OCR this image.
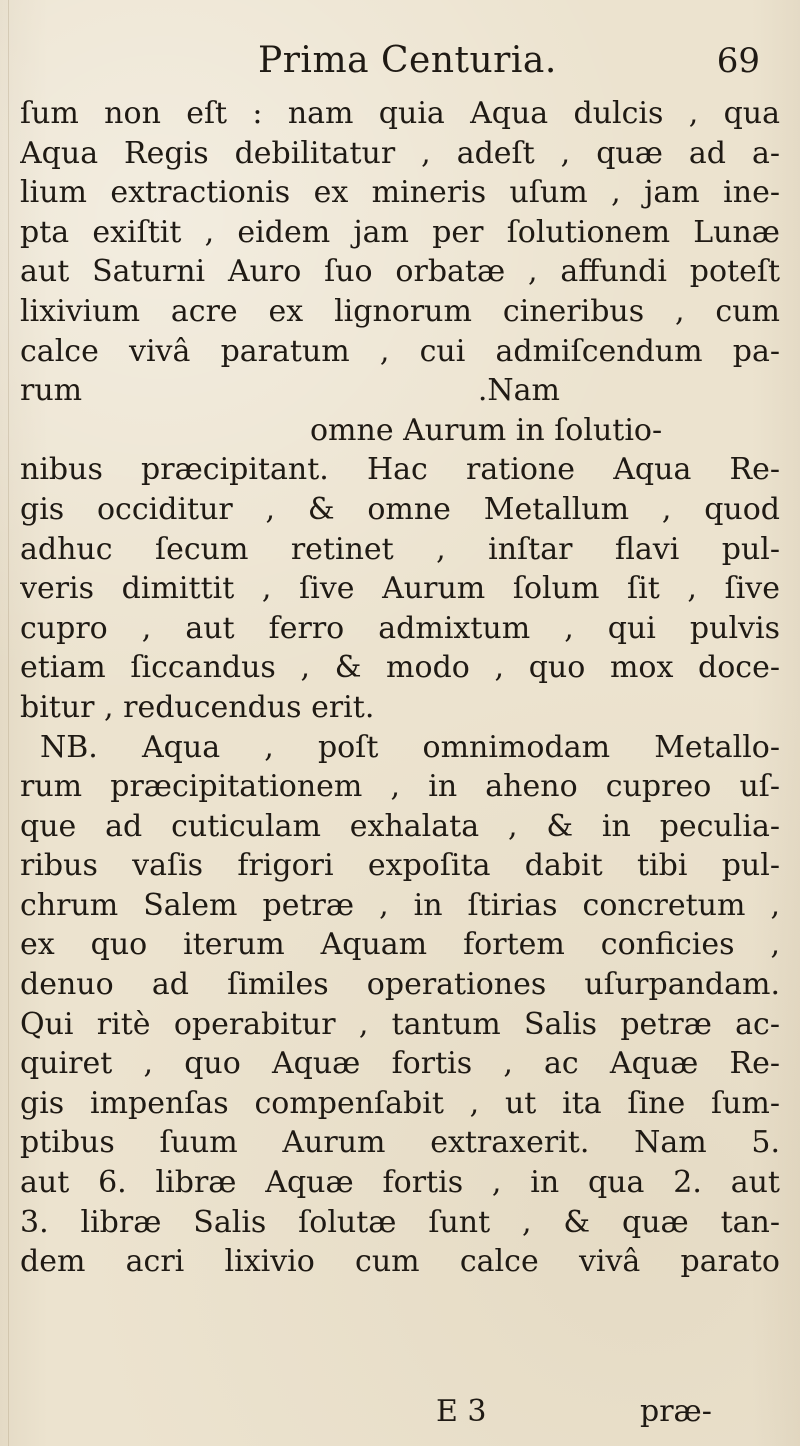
Prima Centuria.	69
ſum non eſt : nam quia Aqua dulcis , qua
Aqua Regis debilitatur , adeſt , quæ ad a-
lium extractionis ex mineris uſum , jam ine-
pta exiſtit , eidem jam per ſolutionem Lunæ
aut Saturni Auro ſuo orbatæ , affundi poteſt
lixivium acre ex lignorum cineribus , cum
calce vivâ paratum , cui admiſcendum pa-
rum	.Nam
omne Aurum in ſolutio-
nibus præcipitant. Hac ratione Aqua Re-
gis occiditur , & omne Metallum , quod
adhuc ſecum retinet , inſtar flavi pul-
veris dimittit , ſive Aurum ſolum ſit , ſive
cupro , aut ferro admixtum , qui pulvis
etiam ſiccandus , & modo , quo mox doce-
bitur , reducendus erit.
NB. Aqua , poſt omnimodam Metallo-
rum præcipitationem , in aheno cupreo uſ-
que ad cuticulam exhalata , & in peculia-
ribus vaſis frigori expoſita dabit tibi pul-
chrum Salem petræ , in ſtirias concretum ,
ex quo iterum Aquam fortem conficies ,
denuo ad ſimiles operationes uſurpandam.
Qui ritè operabitur , tantum Salis petræ ac-
quiret , quo Aquæ fortis , ac Aquæ Re-
gis impenſas compenſabit , ut ita ſine ſum-
ptibus ſuum Aurum extraxerit. Nam 5.
aut 6. libræ Aquæ fortis , in qua 2. aut
3. libræ Salis ſolutæ ſunt , & quæ tan-
dem acri lixivio cum calce vivâ parato
E 3	præ-
